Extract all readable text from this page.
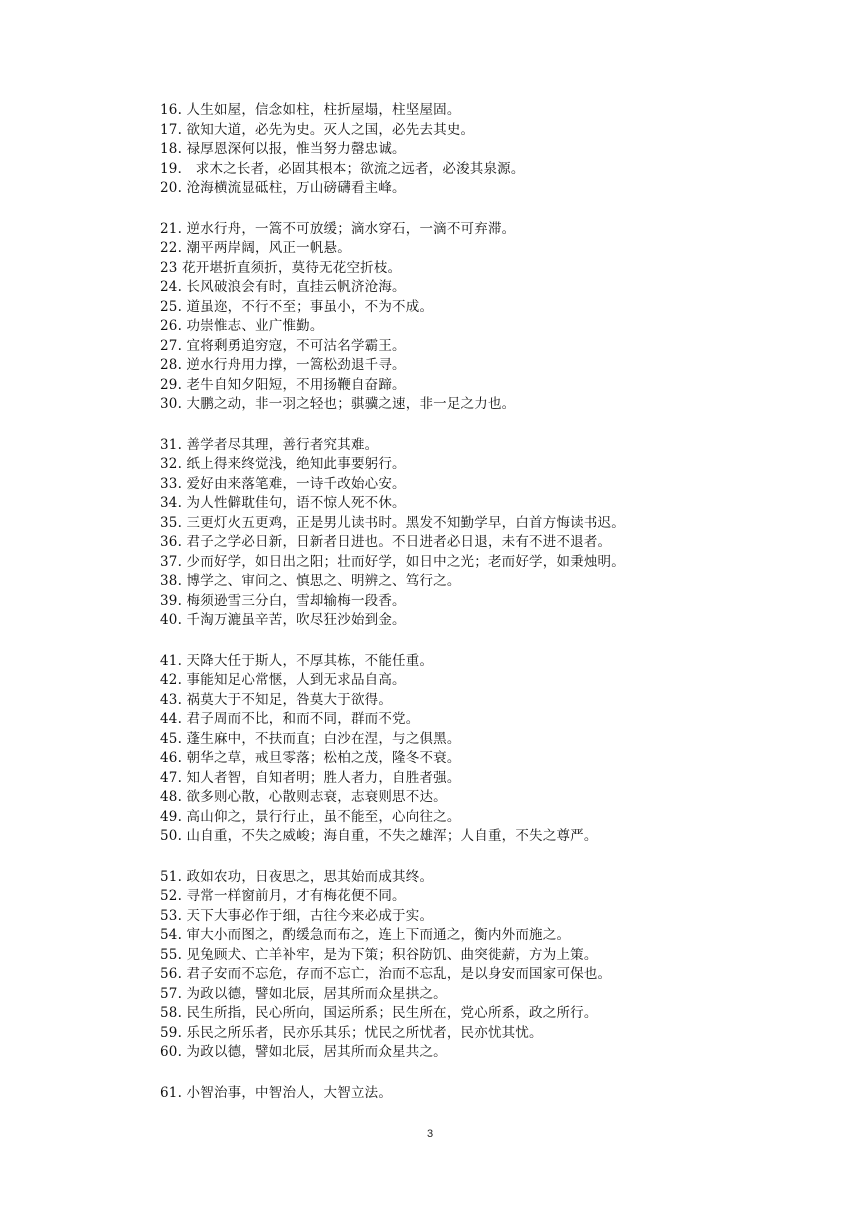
16. 人生如屋，信念如柱，柱折屋塌，柱坚屋固。
17. 欲知大道，必先为史。灭人之国，必先去其史。
18. 禄厚恩深何以报，惟当努力罄忠诚。
19． 求木之长者，必固其根本；欲流之远者，必浚其泉源。
20. 沧海横流显砥柱，万山磅礴看主峰。
21. 逆水行舟，一篙不可放缓；滴水穿石，一滴不可弃滞。
22. 潮平两岸阔，风正一帆悬。
23 花开堪折直须折，莫待无花空折枝。
24. 长风破浪会有时，直挂云帆济沧海。
25. 道虽迩，不行不至；事虽小，不为不成。
26. 功崇惟志、业广惟勤。
27. 宜将剩勇追穷寇，不可沽名学霸王。
28. 逆水行舟用力撑，一篙松劲退千寻。
29. 老牛自知夕阳短，不用扬鞭自奋蹄。
30. 大鹏之动，非一羽之轻也；骐骥之速，非一足之力也。
31. 善学者尽其理，善行者究其难。
32. 纸上得来终觉浅，绝知此事要躬行。
33. 爱好由来落笔难，一诗千改始心安。
34. 为人性僻耽佳句，语不惊人死不休。
35. 三更灯火五更鸡，正是男儿读书时。黑发不知勤学早，白首方悔读书迟。
36. 君子之学必日新，日新者日进也。不日进者必日退，未有不进不退者。
37. 少而好学，如日出之阳；壮而好学，如日中之光；老而好学，如秉烛明。
38. 博学之、审问之、慎思之、明辨之、笃行之。
39. 梅须逊雪三分白，雪却输梅一段香。
40. 千淘万漉虽辛苦，吹尽狂沙始到金。
41. 天降大任于斯人，不厚其栋，不能任重。
42. 事能知足心常惬，人到无求品自高。
43. 祸莫大于不知足，咎莫大于欲得。
44. 君子周而不比，和而不同，群而不党。
45. 蓬生麻中，不扶而直；白沙在涅，与之俱黑。
46. 朝华之草，戒旦零落；松柏之茂，隆冬不衰。
47. 知人者智，自知者明；胜人者力，自胜者强。
48. 欲多则心散，心散则志衰，志衰则思不达。
49. 高山仰之，景行行止，虽不能至，心向往之。
50. 山自重，不失之威峻；海自重，不失之雄浑；人自重，不失之尊严。
51. 政如农功，日夜思之，思其始而成其终。
52. 寻常一样窗前月，才有梅花便不同。
53. 天下大事必作于细，古往今来必成于实。
54. 审大小而图之，酌缓急而布之，连上下而通之，衡内外而施之。
55. 见兔顾犬、亡羊补牢，是为下策；积谷防饥、曲突徙薪，方为上策。
56. 君子安而不忘危，存而不忘亡，治而不忘乱，是以身安而国家可保也。
57. 为政以德，譬如北辰，居其所而众星拱之。
58. 民生所指，民心所向，国运所系；民生所在，党心所系，政之所行。
59. 乐民之所乐者，民亦乐其乐；忧民之所忧者，民亦忧其忧。
60. 为政以德，譬如北辰，居其所而众星共之。
61. 小智治事，中智治人，大智立法。
3
